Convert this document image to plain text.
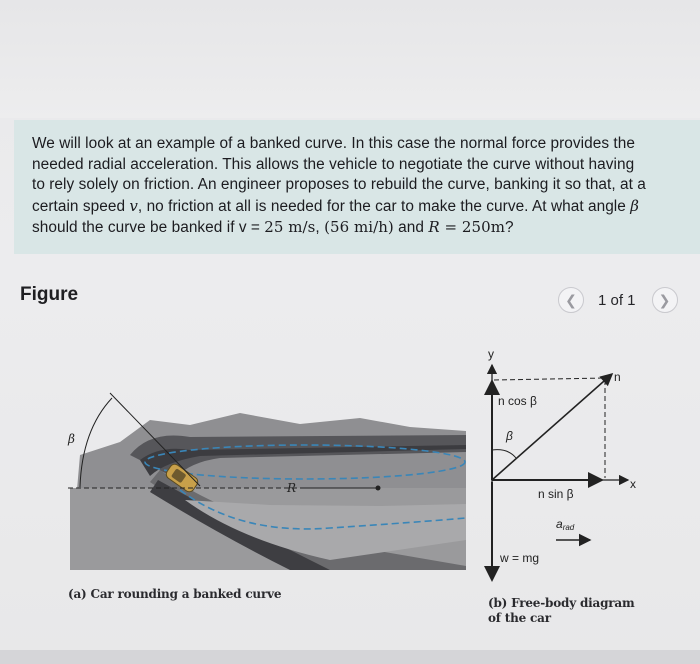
We will look at an example of a banked curve. In this case the normal force provides the
needed radial acceleration. This allows the vehicle to negotiate the curve without having
to rely solely on friction. An engineer proposes to rebuild the curve, banking it so that, at a
certain speed v, no friction at all is needed for the car to make the curve. At what angle β
should the curve be banked if v = 25 m/s, (56 mi/h) and R = 250m?
Figure	❮ 1 of 1 ❯
β
R
y
x
n
n cos β
β
n sin β
arad
w = mg
(a) Car rounding a banked curve
(b) Free-body diagram of the car
